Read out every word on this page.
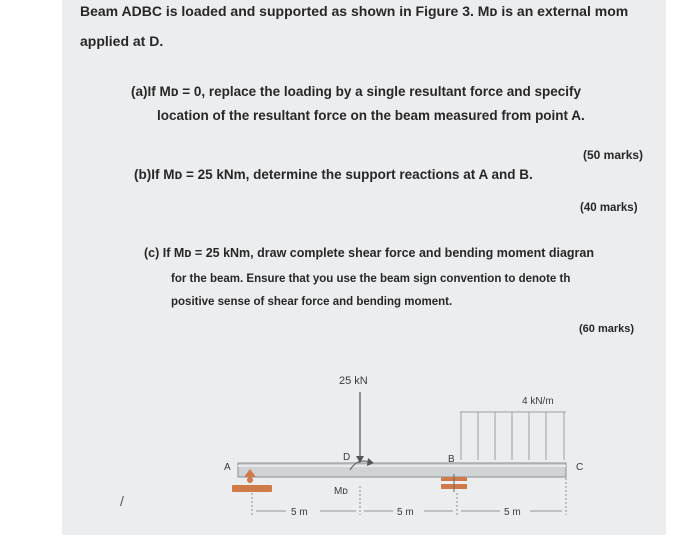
Beam ADBC is loaded and supported as shown in Figure 3. Mᴅ is an external mom
applied at D.
(a)If Mᴅ = 0, replace the loading by a single resultant force and specify
location of the resultant force on the beam measured from point A.
(50 marks)
(b)If Mᴅ = 25 kNm, determine the support reactions at A and B.
(40 marks)
(c) If Mᴅ = 25 kNm, draw complete shear force and bending moment diagran
for the beam. Ensure that you use the beam sign convention to denote th
positive sense of shear force and bending moment.
(60 marks)
/
25 kN
Mᴅ
4 kN/m
A
D	B
C
5 m	5 m	5 m
